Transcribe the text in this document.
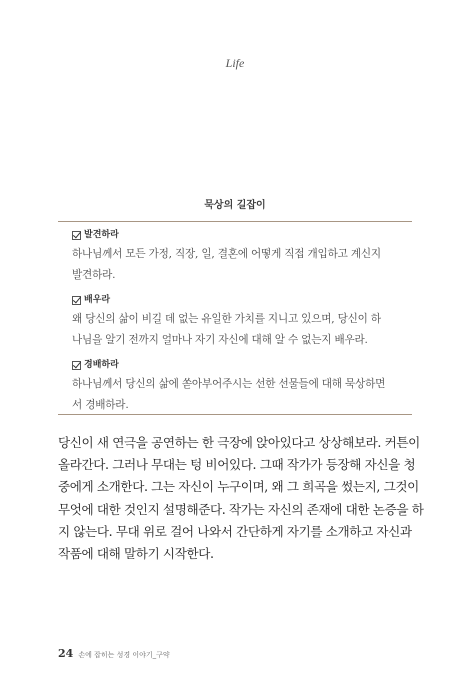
Life
묵상의 길잡이
발견하라
하나님께서 모든 가정, 직장, 일, 결혼에 어떻게 직접 개입하고 계신지
발견하라.
배우라
왜 당신의 삶이 비길 데 없는 유일한 가치를 지니고 있으며, 당신이 하
나님을 알기 전까지 얼마나 자기 자신에 대해 알 수 없는지 배우라.
경배하라
하나님께서 당신의 삶에 쏟아부어주시는 선한 선물들에 대해 묵상하면
서 경배하라.
당신이 새 연극을 공연하는 한 극장에 앉아있다고 상상해보라. 커튼이
올라간다. 그러나 무대는 텅 비어있다. 그때 작가가 등장해 자신을 청
중에게 소개한다. 그는 자신이 누구이며, 왜 그 희곡을 썼는지, 그것이
무엇에 대한 것인지 설명해준다. 작가는 자신의 존재에 대한 논증을 하
지 않는다. 무대 위로 걸어 나와서 간단하게 자기를 소개하고 자신과
작품에 대해 말하기 시작한다.
24 손에 잡히는 성경 이야기_구약
